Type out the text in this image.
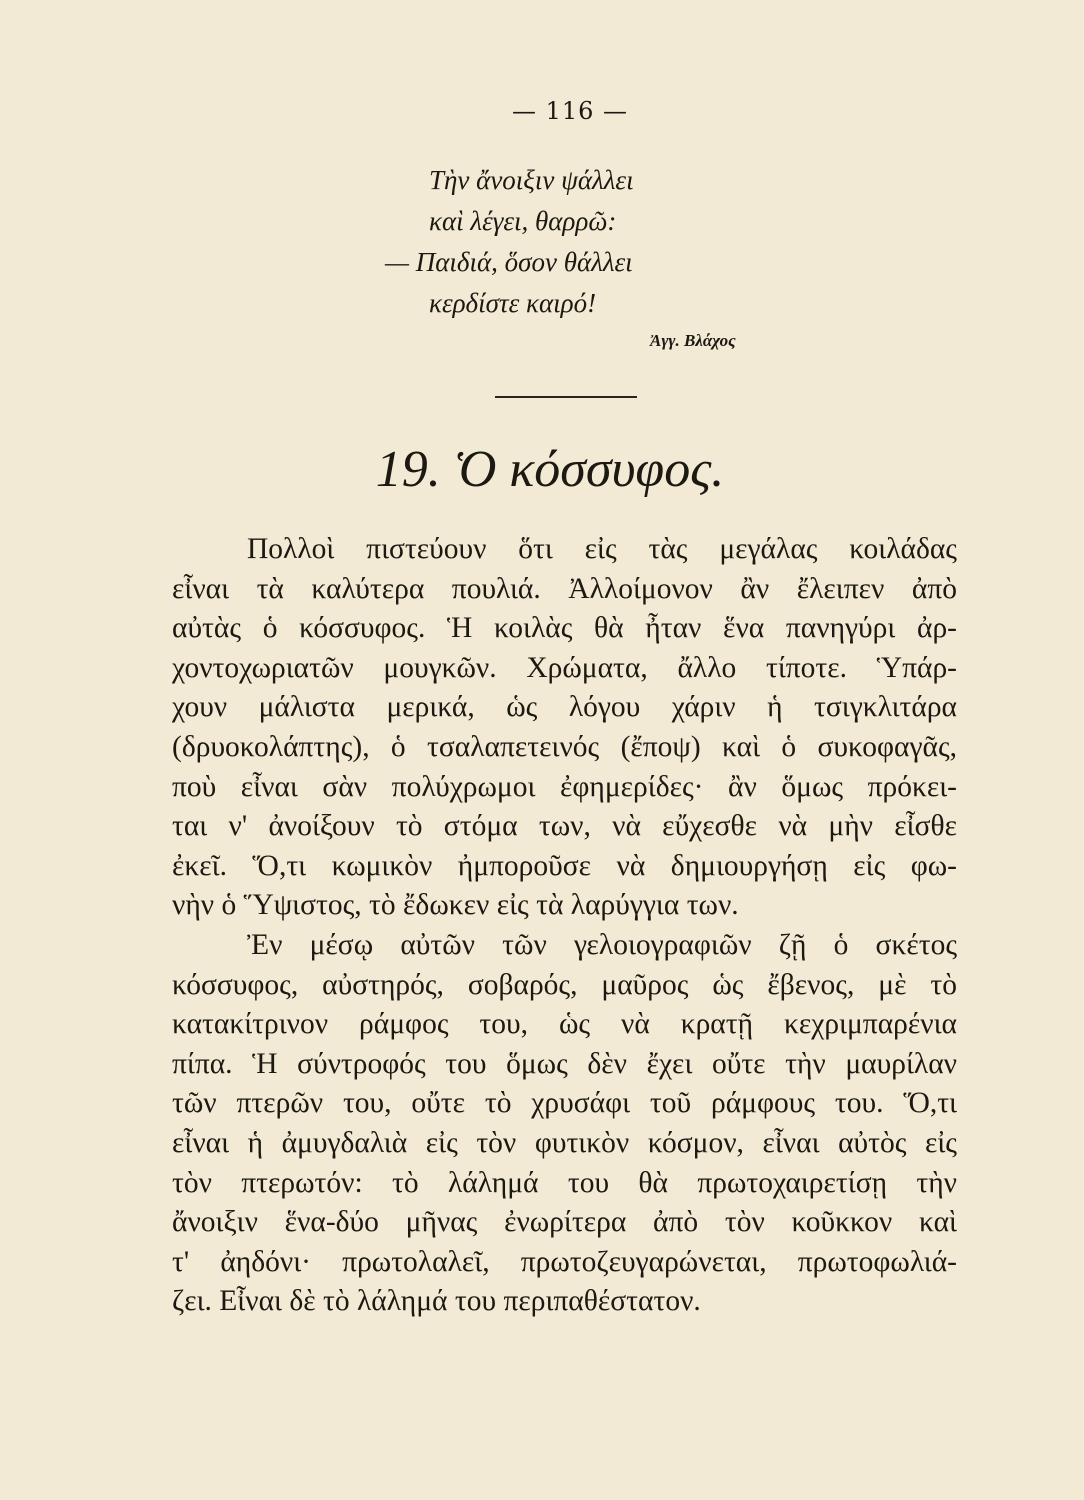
— 116 —
Τὴν ἄνοιξιν ψάλλει
καὶ λέγει, θαρρῶ:
— Παιδιά, ὅσον θάλλει
κερδίστε καιρό!
Ἀγγ. Βλάχος
19. Ὁ κόσσυφος.

Πολλοὶ πιστεύουν ὅτι εἰς τὰς μεγάλας κοιλάδας
εἶναι τὰ καλύτερα πουλιά. Ἀλλοίμονον ἂν ἔλειπεν ἀπὸ
αὐτὰς ὁ κόσσυφος. Ἡ κοιλὰς θὰ ἦταν ἕνα πανηγύρι ἀρ-
χοντοχωριατῶν μουγκῶν. Χρώματα, ἄλλο τίποτε. Ὑπάρ-
χουν μάλιστα μερικά, ὡς λόγου χάριν ἡ τσιγκλιτάρα
(δρυοκολάπτης), ὁ τσαλαπετεινός (ἔποψ) καὶ ὁ συκοφαγᾶς,
ποὺ εἶναι σὰν πολύχρωμοι ἐφημερίδες· ἂν ὅμως πρόκει-
ται ν' ἀνοίξουν τὸ στόμα των, νὰ εὔχεσθε νὰ μὴν εἶσθε
ἐκεῖ. Ὅ,τι κωμικὸν ἠμποροῦσε νὰ δημιουργήσῃ εἰς φω-
νὴν ὁ Ὕψιστος, τὸ ἔδωκεν εἰς τὰ λαρύγγια των.

Ἐν μέσῳ αὐτῶν τῶν γελοιογραφιῶν ζῇ ὁ σκέτος
κόσσυφος, αὐστηρός, σοβαρός, μαῦρος ὡς ἔβενος, μὲ τὸ
κατακίτρινον ράμφος του, ὡς νὰ κρατῇ κεχριμπαρένια
πίπα. Ἡ σύντροφός του ὅμως δὲν ἔχει οὔτε τὴν μαυρίλαν
τῶν πτερῶν του, οὔτε τὸ χρυσάφι τοῦ ράμφους του. Ὅ,τι
εἶναι ἡ ἀμυγδαλιὰ εἰς τὸν φυτικὸν κόσμον, εἶναι αὐτὸς εἰς
τὸν πτερωτόν: τὸ λάλημά του θὰ πρωτοχαιρετίσῃ τὴν
ἄνοιξιν ἕνα-δύο μῆνας ἐνωρίτερα ἀπὸ τὸν κοῦκκον καὶ
τ' ἀηδόνι· πρωτολαλεῖ, πρωτοζευγαρώνεται, πρωτοφωλιά-
ζει. Εἶναι δὲ τὸ λάλημά του περιπαθέστατον.
